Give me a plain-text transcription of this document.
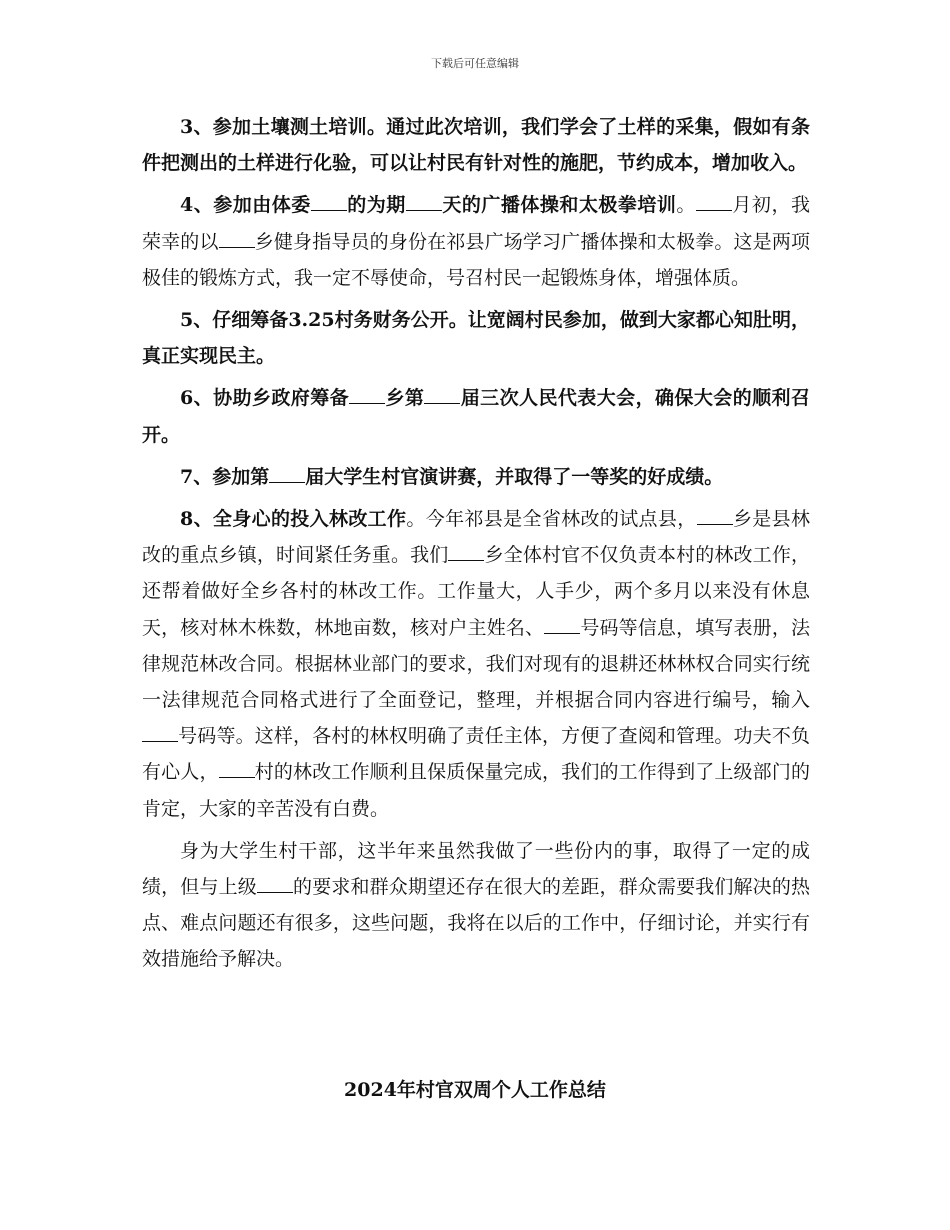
下载后可任意编辑

3、参加土壤测土培训。通过此次培训，我们学会了土样的采集，假如有条件把测出的土样进行化验，可以让村民有针对性的施肥，节约成本，增加收入。

4、参加由体委 的为期 天的广播体操和太极拳培训。 月初，我荣幸的以 乡健身指导员的身份在祁县广场学习广播体操和太极拳。这是两项极佳的锻炼方式，我一定不辱使命，号召村民一起锻炼身体，增强体质。

5、仔细筹备3.25村务财务公开。让宽阔村民参加，做到大家都心知肚明，真正实现民主。

6、协助乡政府筹备 乡第 届三次人民代表大会，确保大会的顺利召开。

7、参加第 届大学生村官演讲赛，并取得了一等奖的好成绩。

8、全身心的投入林改工作。今年祁县是全省林改的试点县， 乡是县林改的重点乡镇，时间紧任务重。我们 乡全体村官不仅负责本村的林改工作，还帮着做好全乡各村的林改工作。工作量大，人手少，两个多月以来没有休息天，核对林木株数，林地亩数，核对户主姓名、 号码等信息，填写表册，法律规范林改合同。根据林业部门的要求，我们对现有的退耕还林林权合同实行统一法律规范合同格式进行了全面登记，整理，并根据合同内容进行编号，输入号码等。这样，各村的林权明确了责任主体，方便了查阅和管理。功夫不负有心人， 村的林改工作顺利且保质保量完成，我们的工作得到了上级部门的肯定，大家的辛苦没有白费。

身为大学生村干部，这半年来虽然我做了一些份内的事，取得了一定的成绩，但与上级 的要求和群众期望还存在很大的差距，群众需要我们解决的热点、难点问题还有很多，这些问题，我将在以后的工作中，仔细讨论，并实行有效措施给予解决。

2024年村官双周个人工作总结
